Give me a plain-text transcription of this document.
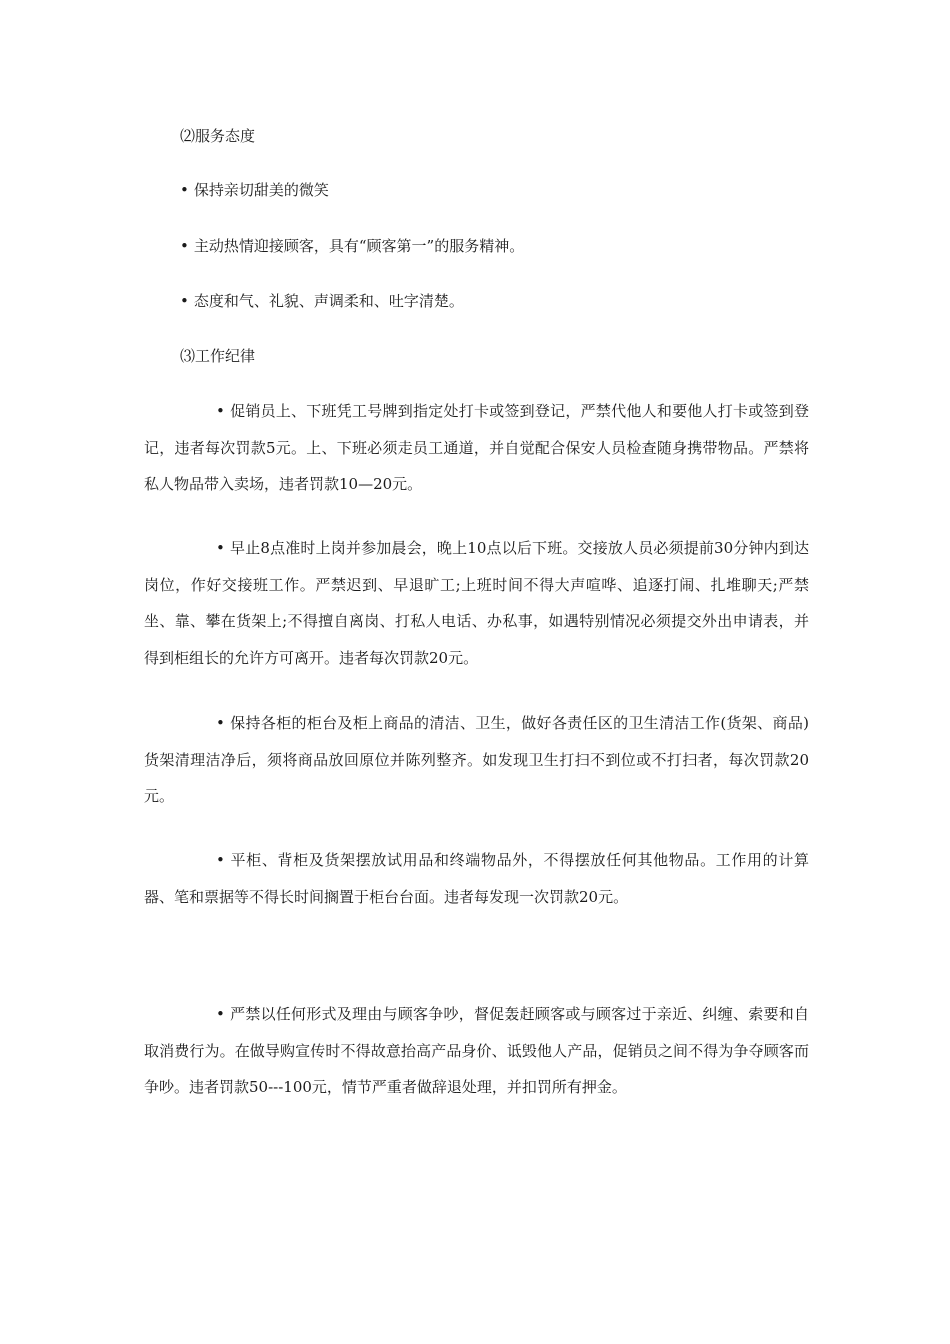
⑵服务态度
• 保持亲切甜美的微笑
• 主动热情迎接顾客，具有“顾客第一”的服务精神。
• 态度和气、礼貌、声调柔和、吐字清楚。
⑶工作纪律
• 促销员上、下班凭工号牌到指定处打卡或签到登记，严禁代他人和要他人打卡或签到登记，违者每次罚款5元。上、下班必须走员工通道，并自觉配合保安人员检查随身携带物品。严禁将私人物品带入卖场，违者罚款10—20元。
• 早止8点准时上岗并参加晨会，晚上10点以后下班。交接放人员必须提前30分钟内到达岗位，作好交接班工作。严禁迟到、早退旷工;上班时间不得大声喧哗、追逐打闹、扎堆聊天;严禁坐、靠、攀在货架上;不得擅自离岗、打私人电话、办私事，如遇特别情况必须提交外出申请表，并得到柜组长的允许方可离开。违者每次罚款20元。
• 保持各柜的柜台及柜上商品的清洁、卫生，做好各责任区的卫生清洁工作(货架、商品)货架清理洁净后，须将商品放回原位并陈列整齐。如发现卫生打扫不到位或不打扫者，每次罚款20元。
• 平柜、背柜及货架摆放试用品和终端物品外，不得摆放任何其他物品。工作用的计算器、笔和票据等不得长时间搁置于柜台台面。违者每发现一次罚款20元。
• 严禁以任何形式及理由与顾客争吵，督促轰赶顾客或与顾客过于亲近、纠缠、索要和自取消费行为。在做导购宣传时不得故意抬高产品身价、诋毁他人产品，促销员之间不得为争夺顾客而争吵。违者罚款50---100元，情节严重者做辞退处理，并扣罚所有押金。
